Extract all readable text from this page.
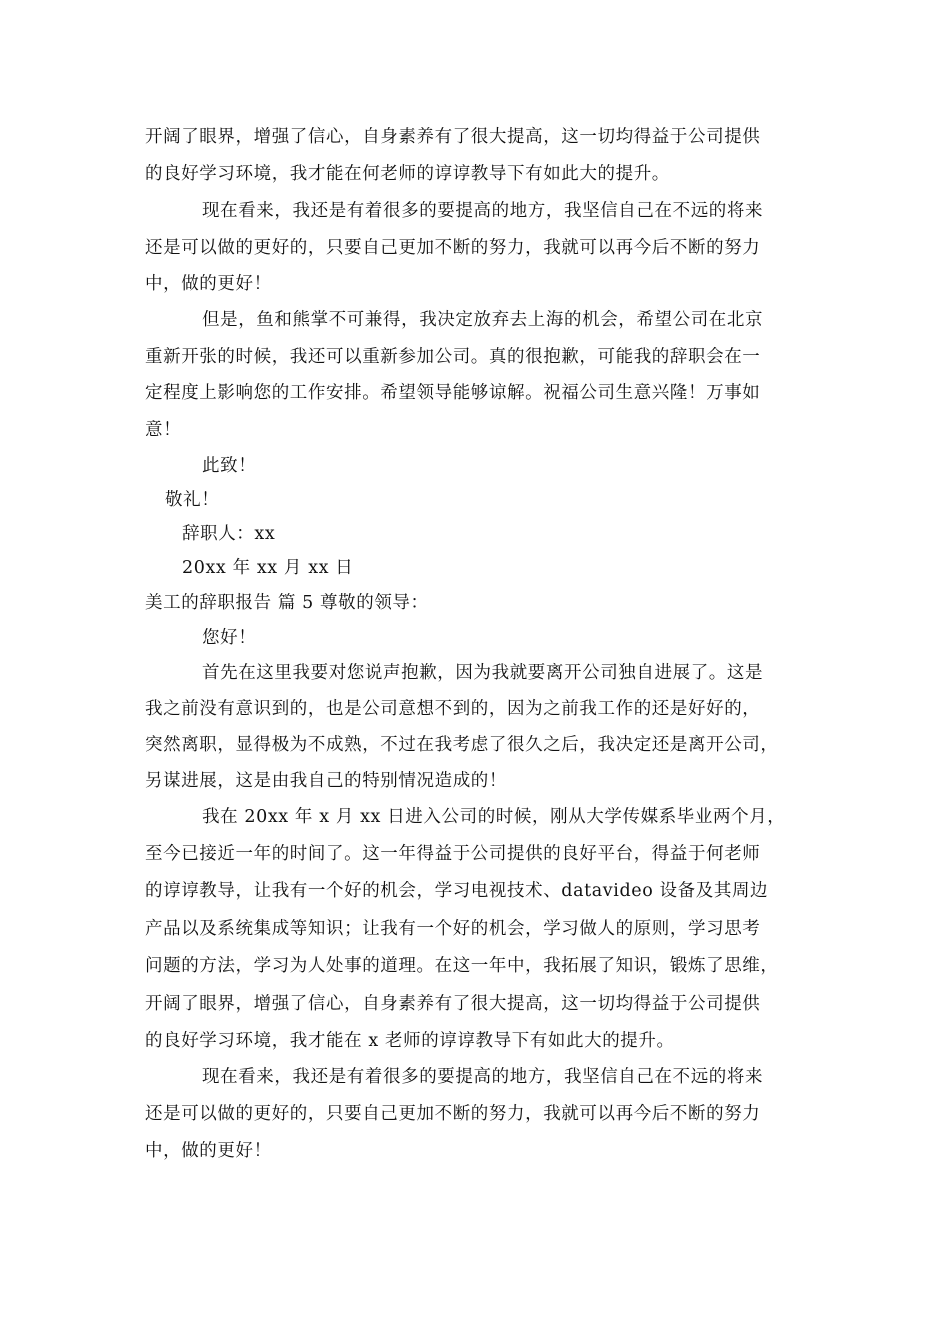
开阔了眼界，增强了信心，自身素养有了很大提高，这一切均得益于公司提供
的良好学习环境，我才能在何老师的谆谆教导下有如此大的提升。
现在看来，我还是有着很多的要提高的地方，我坚信自己在不远的将来
还是可以做的更好的，只要自己更加不断的努力，我就可以再今后不断的努力
中，做的更好！
但是，鱼和熊掌不可兼得，我决定放弃去上海的机会，希望公司在北京
重新开张的时候，我还可以重新参加公司。真的很抱歉，可能我的辞职会在一
定程度上影响您的工作安排。希望领导能够谅解。祝福公司生意兴隆！万事如
意！
此致！
敬礼！
辞职人：xx
20xx 年 xx 月 xx 日
美工的辞职报告 篇 5 尊敬的领导：
您好！
首先在这里我要对您说声抱歉，因为我就要离开公司独自进展了。这是
我之前没有意识到的，也是公司意想不到的，因为之前我工作的还是好好的，
突然离职，显得极为不成熟，不过在我考虑了很久之后，我决定还是离开公司，
另谋进展，这是由我自己的特别情况造成的！
我在 20xx 年 x 月 xx 日进入公司的时候，刚从大学传媒系毕业两个月，
至今已接近一年的时间了。这一年得益于公司提供的良好平台，得益于何老师
的谆谆教导，让我有一个好的机会，学习电视技术、datavideo 设备及其周边
产品以及系统集成等知识；让我有一个好的机会，学习做人的原则，学习思考
问题的方法，学习为人处事的道理。在这一年中，我拓展了知识，锻炼了思维，
开阔了眼界，增强了信心，自身素养有了很大提高，这一切均得益于公司提供
的良好学习环境，我才能在 x 老师的谆谆教导下有如此大的提升。
现在看来，我还是有着很多的要提高的地方，我坚信自己在不远的将来
还是可以做的更好的，只要自己更加不断的努力，我就可以再今后不断的努力
中，做的更好！
